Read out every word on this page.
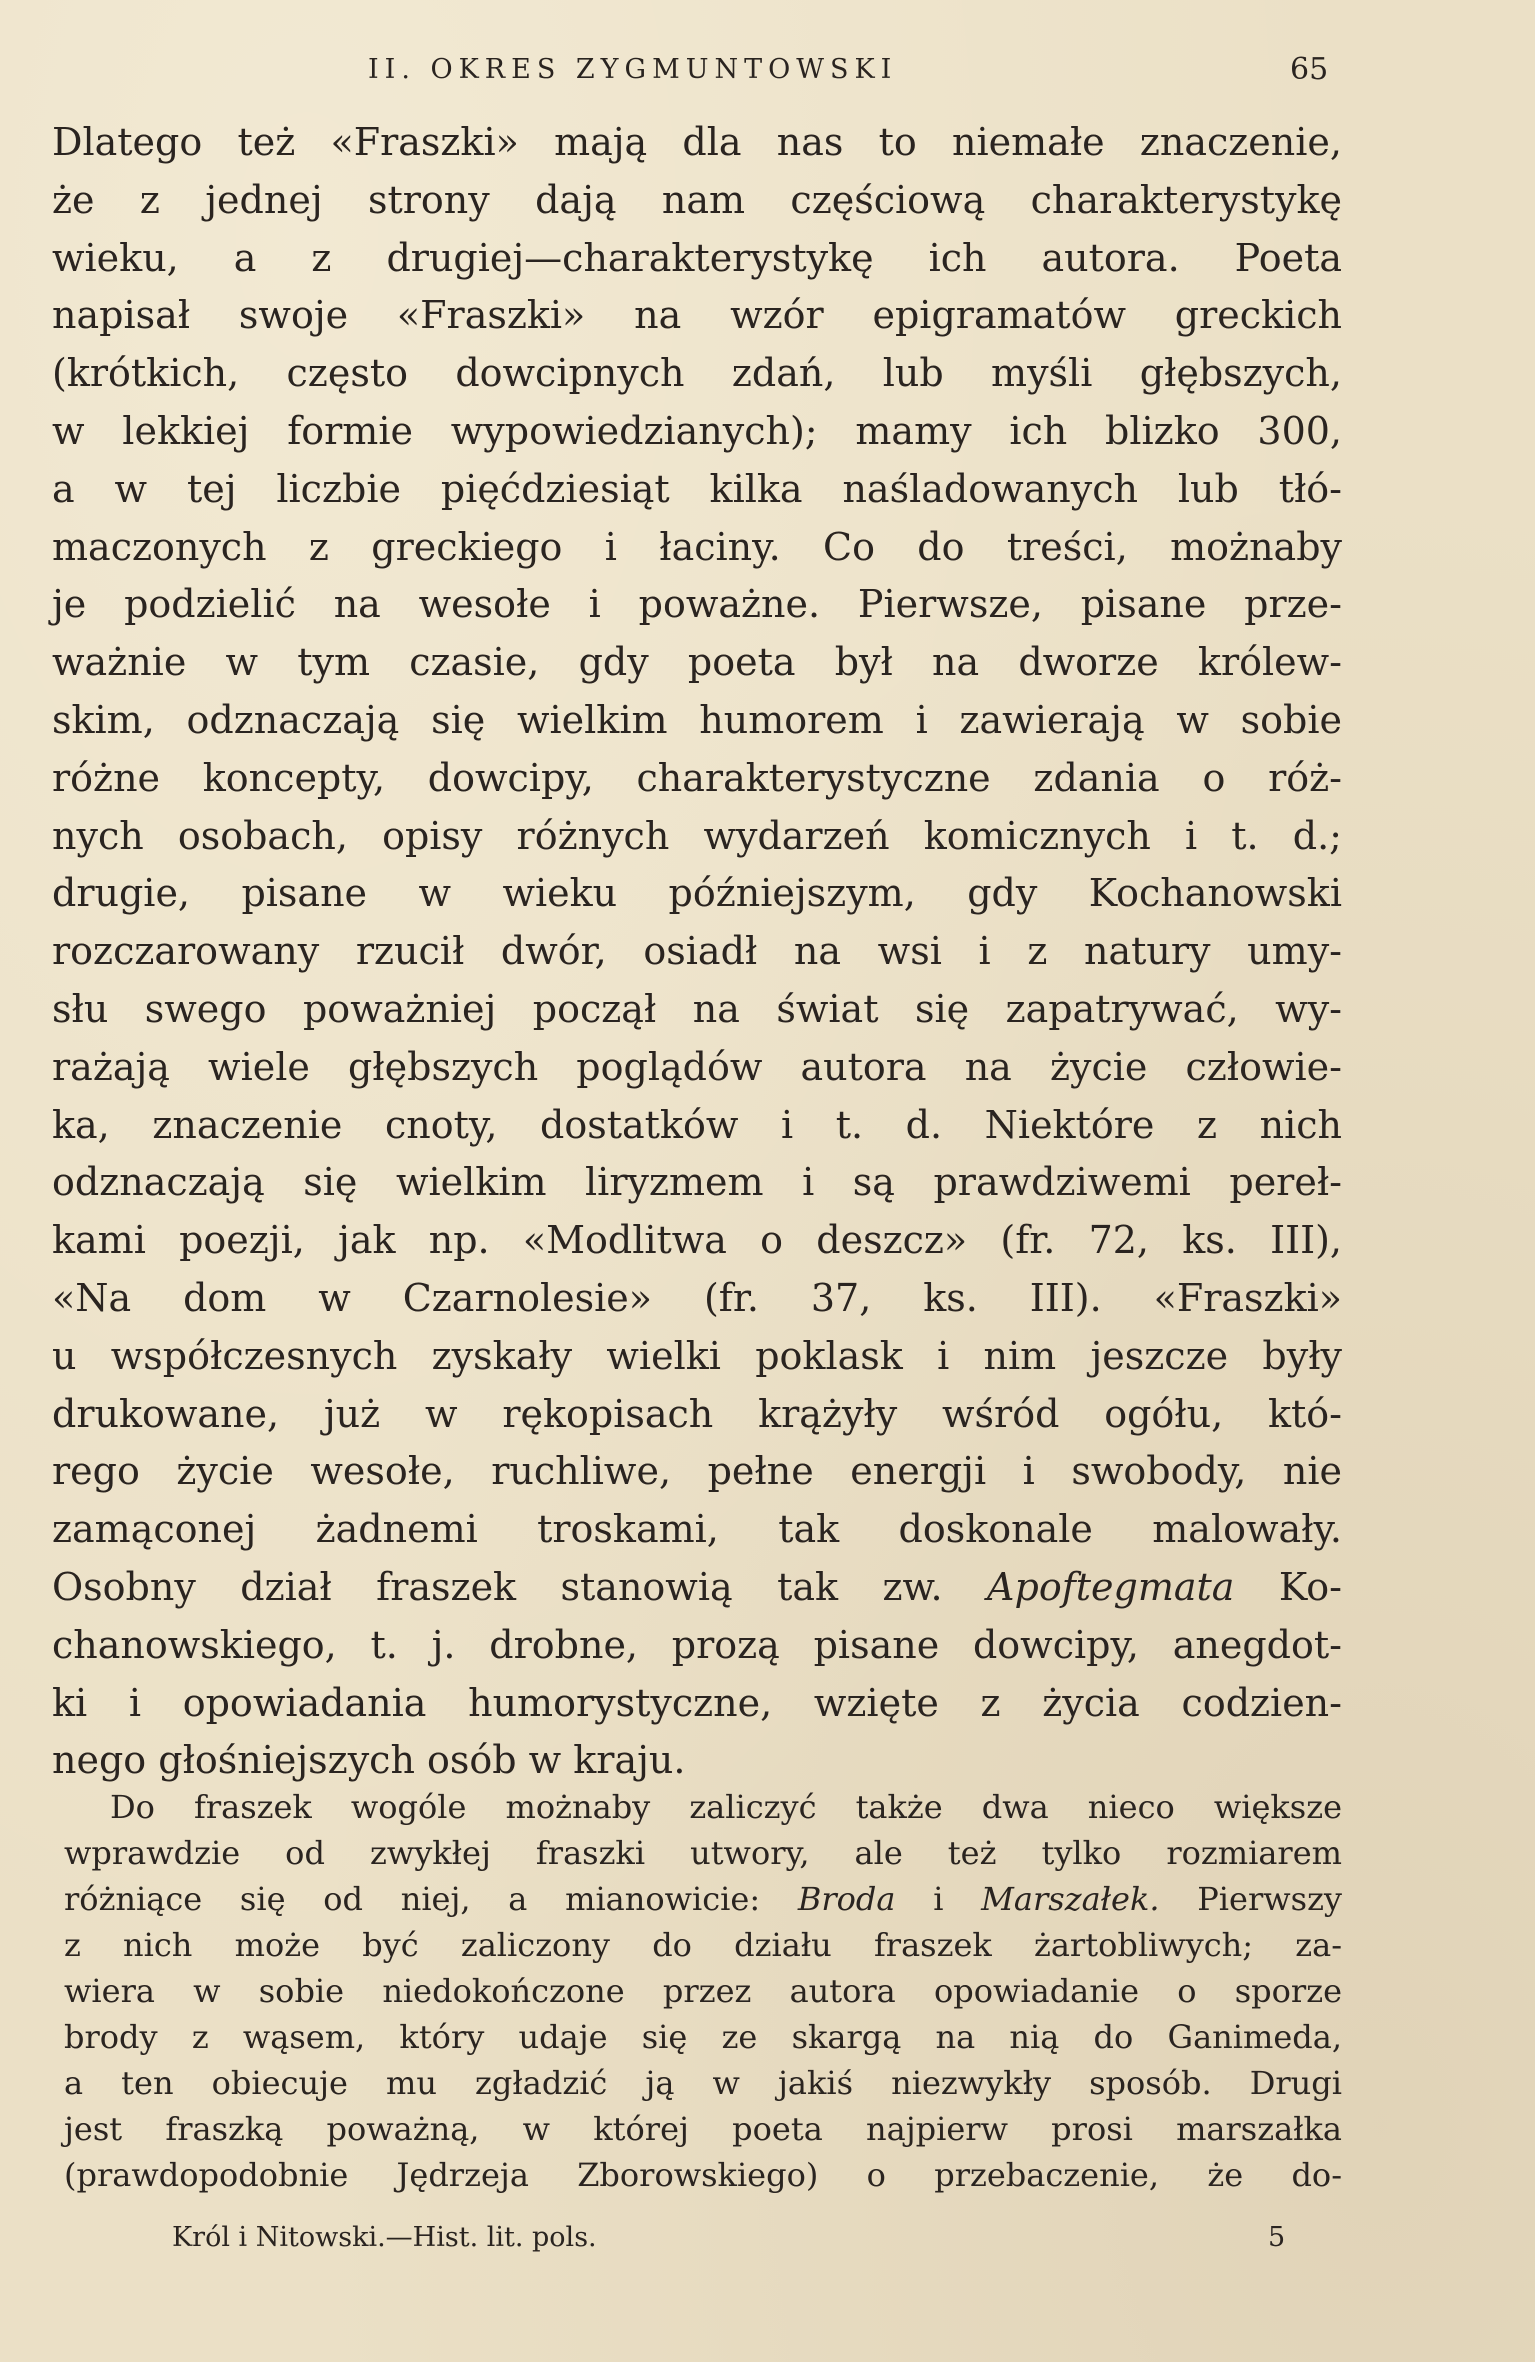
II. OKRES ZYGMUNTOWSKI	65
Dlatego też «Fraszki» mają dla nas to niemałe znaczenie,
że z jednej strony dają nam częściową charakterystykę
wieku, a z drugiej—charakterystykę ich autora. Poeta
napisał swoje «Fraszki» na wzór epigramatów greckich
(krótkich, często dowcipnych zdań, lub myśli głębszych,
w lekkiej formie wypowiedzianych); mamy ich blizko 300,
a w tej liczbie pięćdziesiąt kilka naśladowanych lub tłó-
maczonych z greckiego i łaciny. Co do treści, możnaby
je podzielić na wesołe i poważne. Pierwsze, pisane prze-
ważnie w tym czasie, gdy poeta był na dworze królew-
skim, odznaczają się wielkim humorem i zawierają w sobie
różne koncepty, dowcipy, charakterystyczne zdania o róż-
nych osobach, opisy różnych wydarzeń komicznych i t. d.;
drugie, pisane w wieku późniejszym, gdy Kochanowski
rozczarowany rzucił dwór, osiadł na wsi i z natury umy-
słu swego poważniej począł na świat się zapatrywać, wy-
rażają wiele głębszych poglądów autora na życie człowie-
ka, znaczenie cnoty, dostatków i t. d. Niektóre z nich
odznaczają się wielkim liryzmem i są prawdziwemi pereł-
kami poezji, jak np. «Modlitwa o deszcz» (fr. 72, ks. III),
«Na dom w Czarnolesie» (fr. 37, ks. III). «Fraszki»
u współczesnych zyskały wielki poklask i nim jeszcze były
drukowane, już w rękopisach krążyły wśród ogółu, któ-
rego życie wesołe, ruchliwe, pełne energji i swobody, nie
zamąconej żadnemi troskami, tak doskonale malowały.
Osobny dział fraszek stanowią tak zw. Apoftegmata Ko-
chanowskiego, t. j. drobne, prozą pisane dowcipy, anegdot-
ki i opowiadania humorystyczne, wzięte z życia codzien-
nego głośniejszych osób w kraju.
Do fraszek wogóle możnaby zaliczyć także dwa nieco większe
wprawdzie od zwykłej fraszki utwory, ale też tylko rozmiarem
różniące się od niej, a mianowicie: Broda i Marszałek. Pierwszy
z nich może być zaliczony do działu fraszek żartobliwych; za-
wiera w sobie niedokończone przez autora opowiadanie o sporze
brody z wąsem, który udaje się ze skargą na nią do Ganimeda,
a ten obiecuje mu zgładzić ją w jakiś niezwykły sposób. Drugi
jest fraszką poważną, w której poeta najpierw prosi marszałka
(prawdopodobnie Jędrzeja Zborowskiego) o przebaczenie, że do-
Król i Nitowski.—Hist. lit. pols.	5
